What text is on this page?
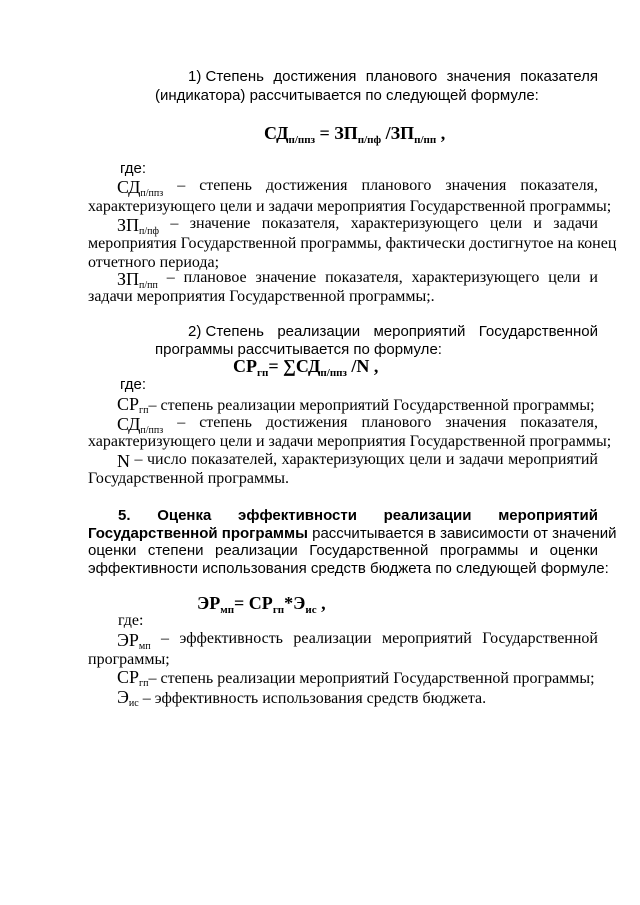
1) Степень достижения планового значения показателя
(индикатора) рассчитывается по следующей формуле:
$СД_{п/ппз} = ЗП_{п/пф}$ $/ЗП_{п/пп}$ ,
где:
$СД_{п/ппз}$ – степень достижения планового значения показателя,
характеризующего цели и задачи мероприятия Государственной программы;
$ЗП_{п/пф}$ – значение показателя, характеризующего цели и задачи
мероприятия Государственной программы, фактически достигнутое на конец
отчетного периода;
$ЗП_{п/пп}$ – плановое значение показателя, характеризующего цели и
задачи мероприятия Государственной программы;.
2) Степень реализации мероприятий Государственной
программы рассчитывается по формуле:
$СР_{гп}= \sum СД_{п/ппз}$ /N ,
где:
$СР_{гп}-$ степень реализации мероприятий Государственной программы;
$СД_{п/ппз}$ – степень достижения планового значения показателя,
характеризующего цели и задачи мероприятия Государственной программы;
N – число показателей, характеризующих цели и задачи мероприятий
Государственной программы.
5. Оценка эффективности реализации мероприятий
Государственной программы рассчитывается в зависимости от значений
оценки степени реализации Государственной программы и оценки
эффективности использования средств бюджета по следующей формуле:
$ЭР_{мп}= СР_{гп}*Э_{ис}$ ,
где:
$ЭР_{мп}$ – эффективность реализации мероприятий Государственной
программы;
$СР_{гп}-$ степень реализации мероприятий Государственной программы;
$Э_{ис}$ – эффективность использования средств бюджета.
